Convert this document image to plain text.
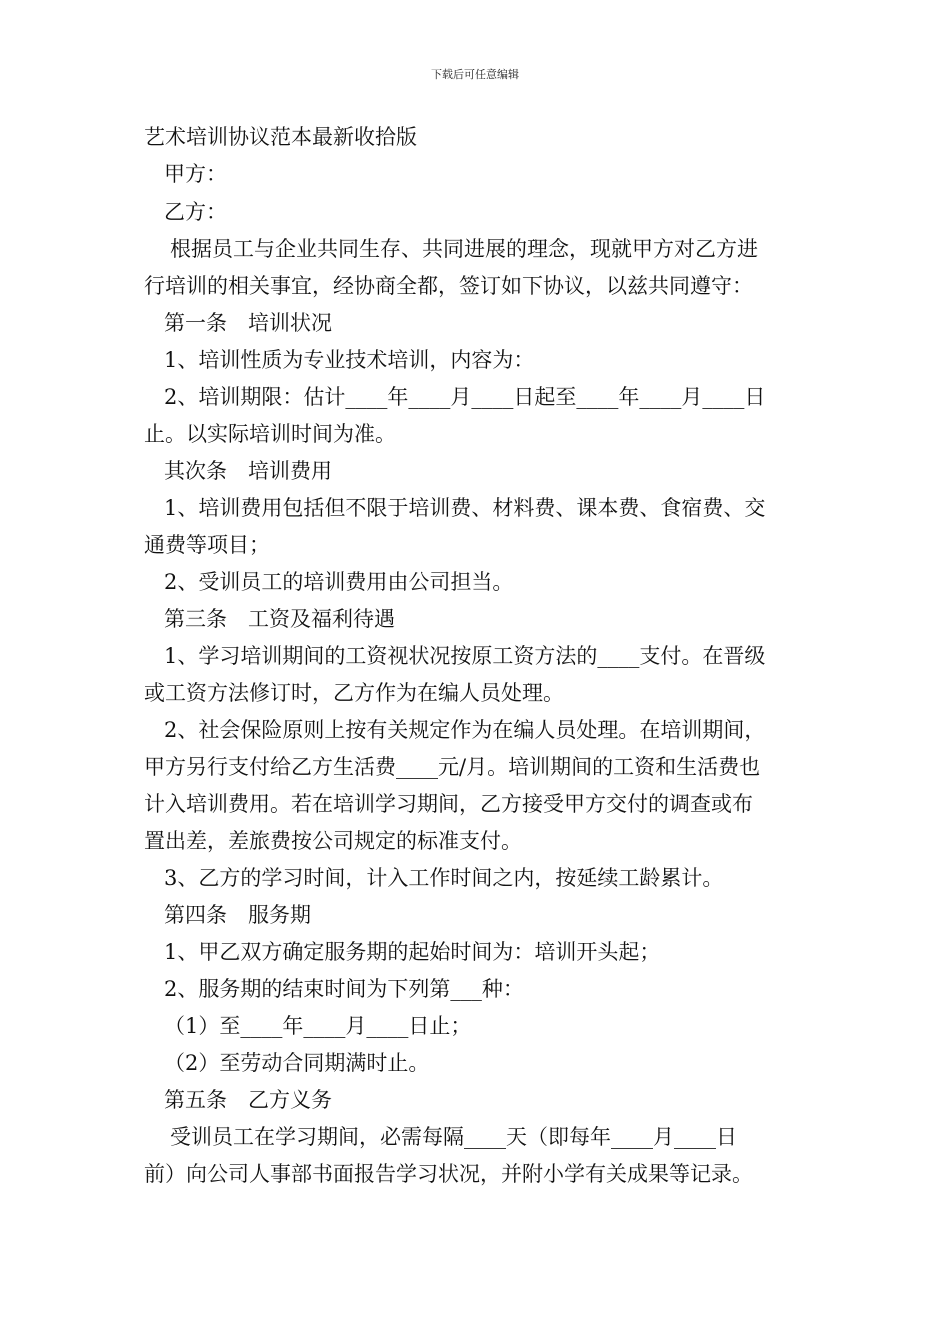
下载后可任意编辑
艺术培训协议范本最新收拾版
甲方：
乙方：
根据员工与企业共同生存、共同进展的理念，现就甲方对乙方进
行培训的相关事宜，经协商全都，签订如下协议，以兹共同遵守：
第一条　培训状况
1、培训性质为专业技术培训，内容为：
2、培训期限：估计____年____月____日起至____年____月____日
止。以实际培训时间为准。
其次条　培训费用
1、培训费用包括但不限于培训费、材料费、课本费、食宿费、交
通费等项目；
2、受训员工的培训费用由公司担当。
第三条　工资及福利待遇
1、学习培训期间的工资视状况按原工资方法的____支付。在晋级
或工资方法修订时，乙方作为在编人员处理。
2、社会保险原则上按有关规定作为在编人员处理。在培训期间，
甲方另行支付给乙方生活费____元/月。培训期间的工资和生活费也
计入培训费用。若在培训学习期间，乙方接受甲方交付的调查或布
置出差，差旅费按公司规定的标准支付。
3、乙方的学习时间，计入工作时间之内，按延续工龄累计。
第四条　服务期
1、甲乙双方确定服务期的起始时间为：培训开头起；
2、服务期的结束时间为下列第___种：
（1）至____年____月____日止；
（2）至劳动合同期满时止。
第五条　乙方义务
受训员工在学习期间，必需每隔____天（即每年____月____日
前）向公司人事部书面报告学习状况，并附小学有关成果等记录。
